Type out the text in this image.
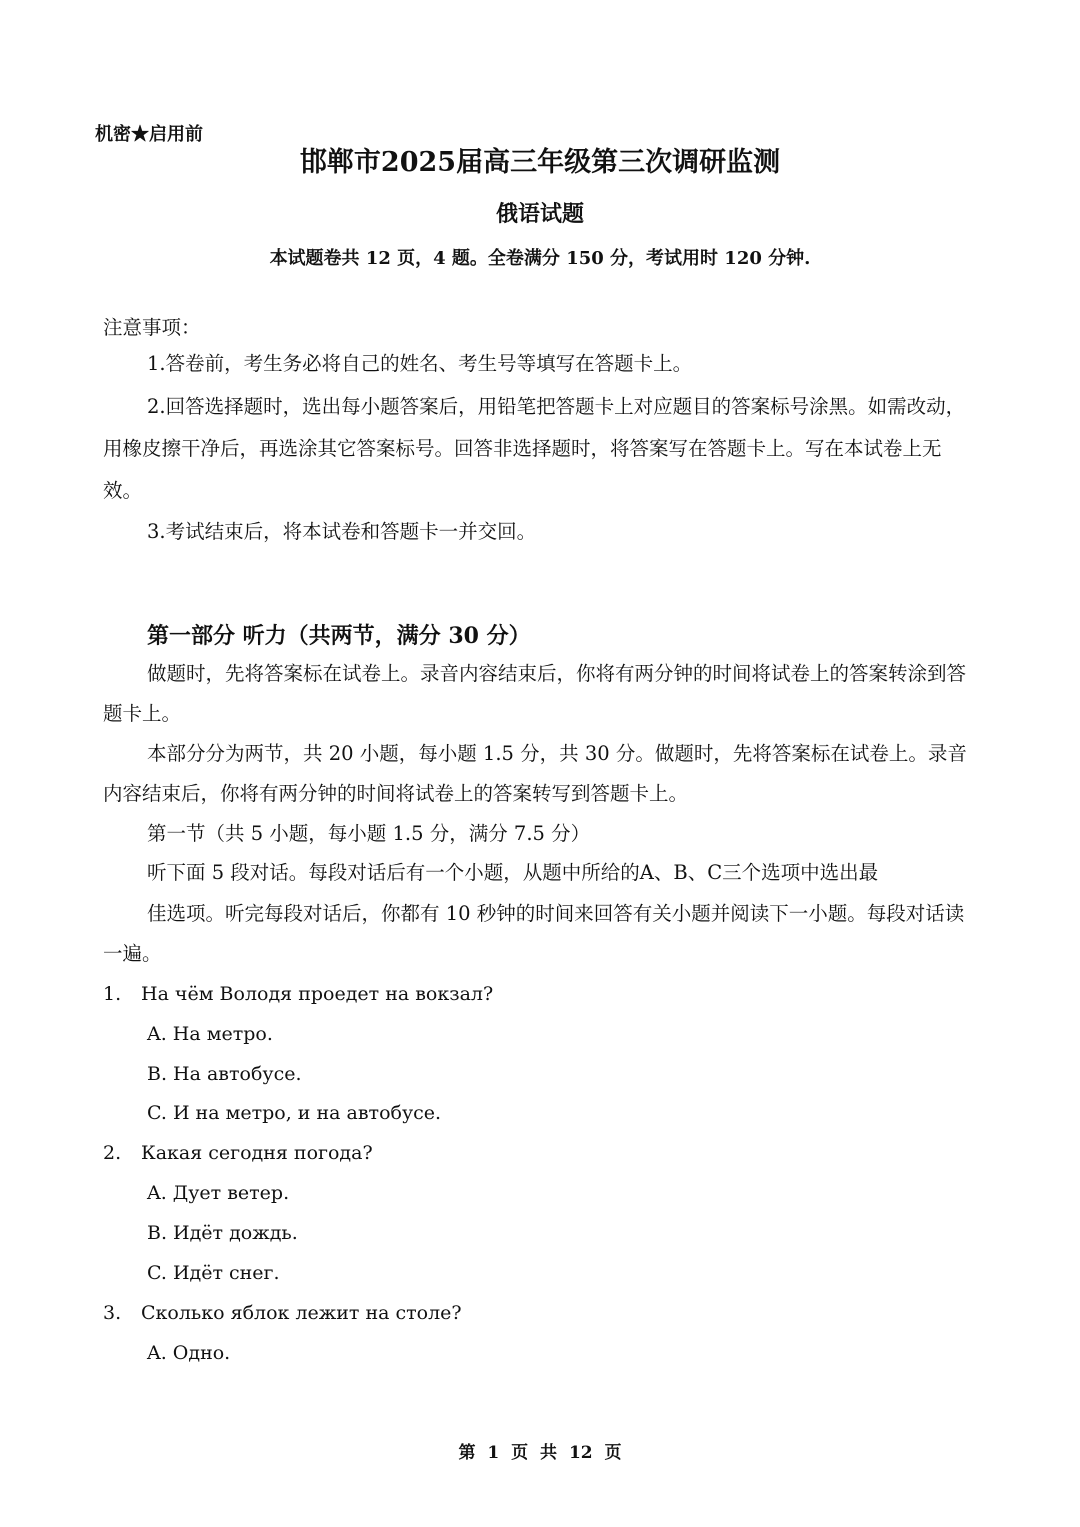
机密★启用前
邯郸市2025届高三年级第三次调研监测
俄语试题
本试题卷共 12 页，4 题。全卷满分 150 分，考试用时 120 分钟.
注意事项：
1.答卷前，考生务必将自己的姓名、考生号等填写在答题卡上。
2.回答选择题时，选出每小题答案后，用铅笔把答题卡上对应题目的答案标号涂黑。如需改动，用橡皮擦干净后，再选涂其它答案标号。回答非选择题时，将答案写在答题卡上。写在本试卷上无效。
3.考试结束后，将本试卷和答题卡一并交回。
第一部分 听力（共两节，满分 30 分）
做题时，先将答案标在试卷上。录音内容结束后，你将有两分钟的时间将试卷上的答案转涂到答题卡上。
本部分分为两节，共 20 小题，每小题 1.5 分，共 30 分。做题时，先将答案标在试卷上。录音内容结束后，你将有两分钟的时间将试卷上的答案转写到答题卡上。
第一节（共 5 小题，每小题 1.5 分，满分 7.5 分）
听下面 5 段对话。每段对话后有一个小题，从题中所给的A、B、C三个选项中选出最
佳选项。听完每段对话后，你都有 10 秒钟的时间来回答有关小题并阅读下一小题。每段对话读一遍。
1. На чём Володя проедет на вокзал?
A. На метро.
B. На автобусе.
C. И на метро, и на автобусе.
2. Какая сегодня погода?
A. Дует ветер.
B. Идёт дождь.
C. Идёт снег.
3. Сколько яблок лежит на столе?
A. Одно.
第 1 页 共 12 页
